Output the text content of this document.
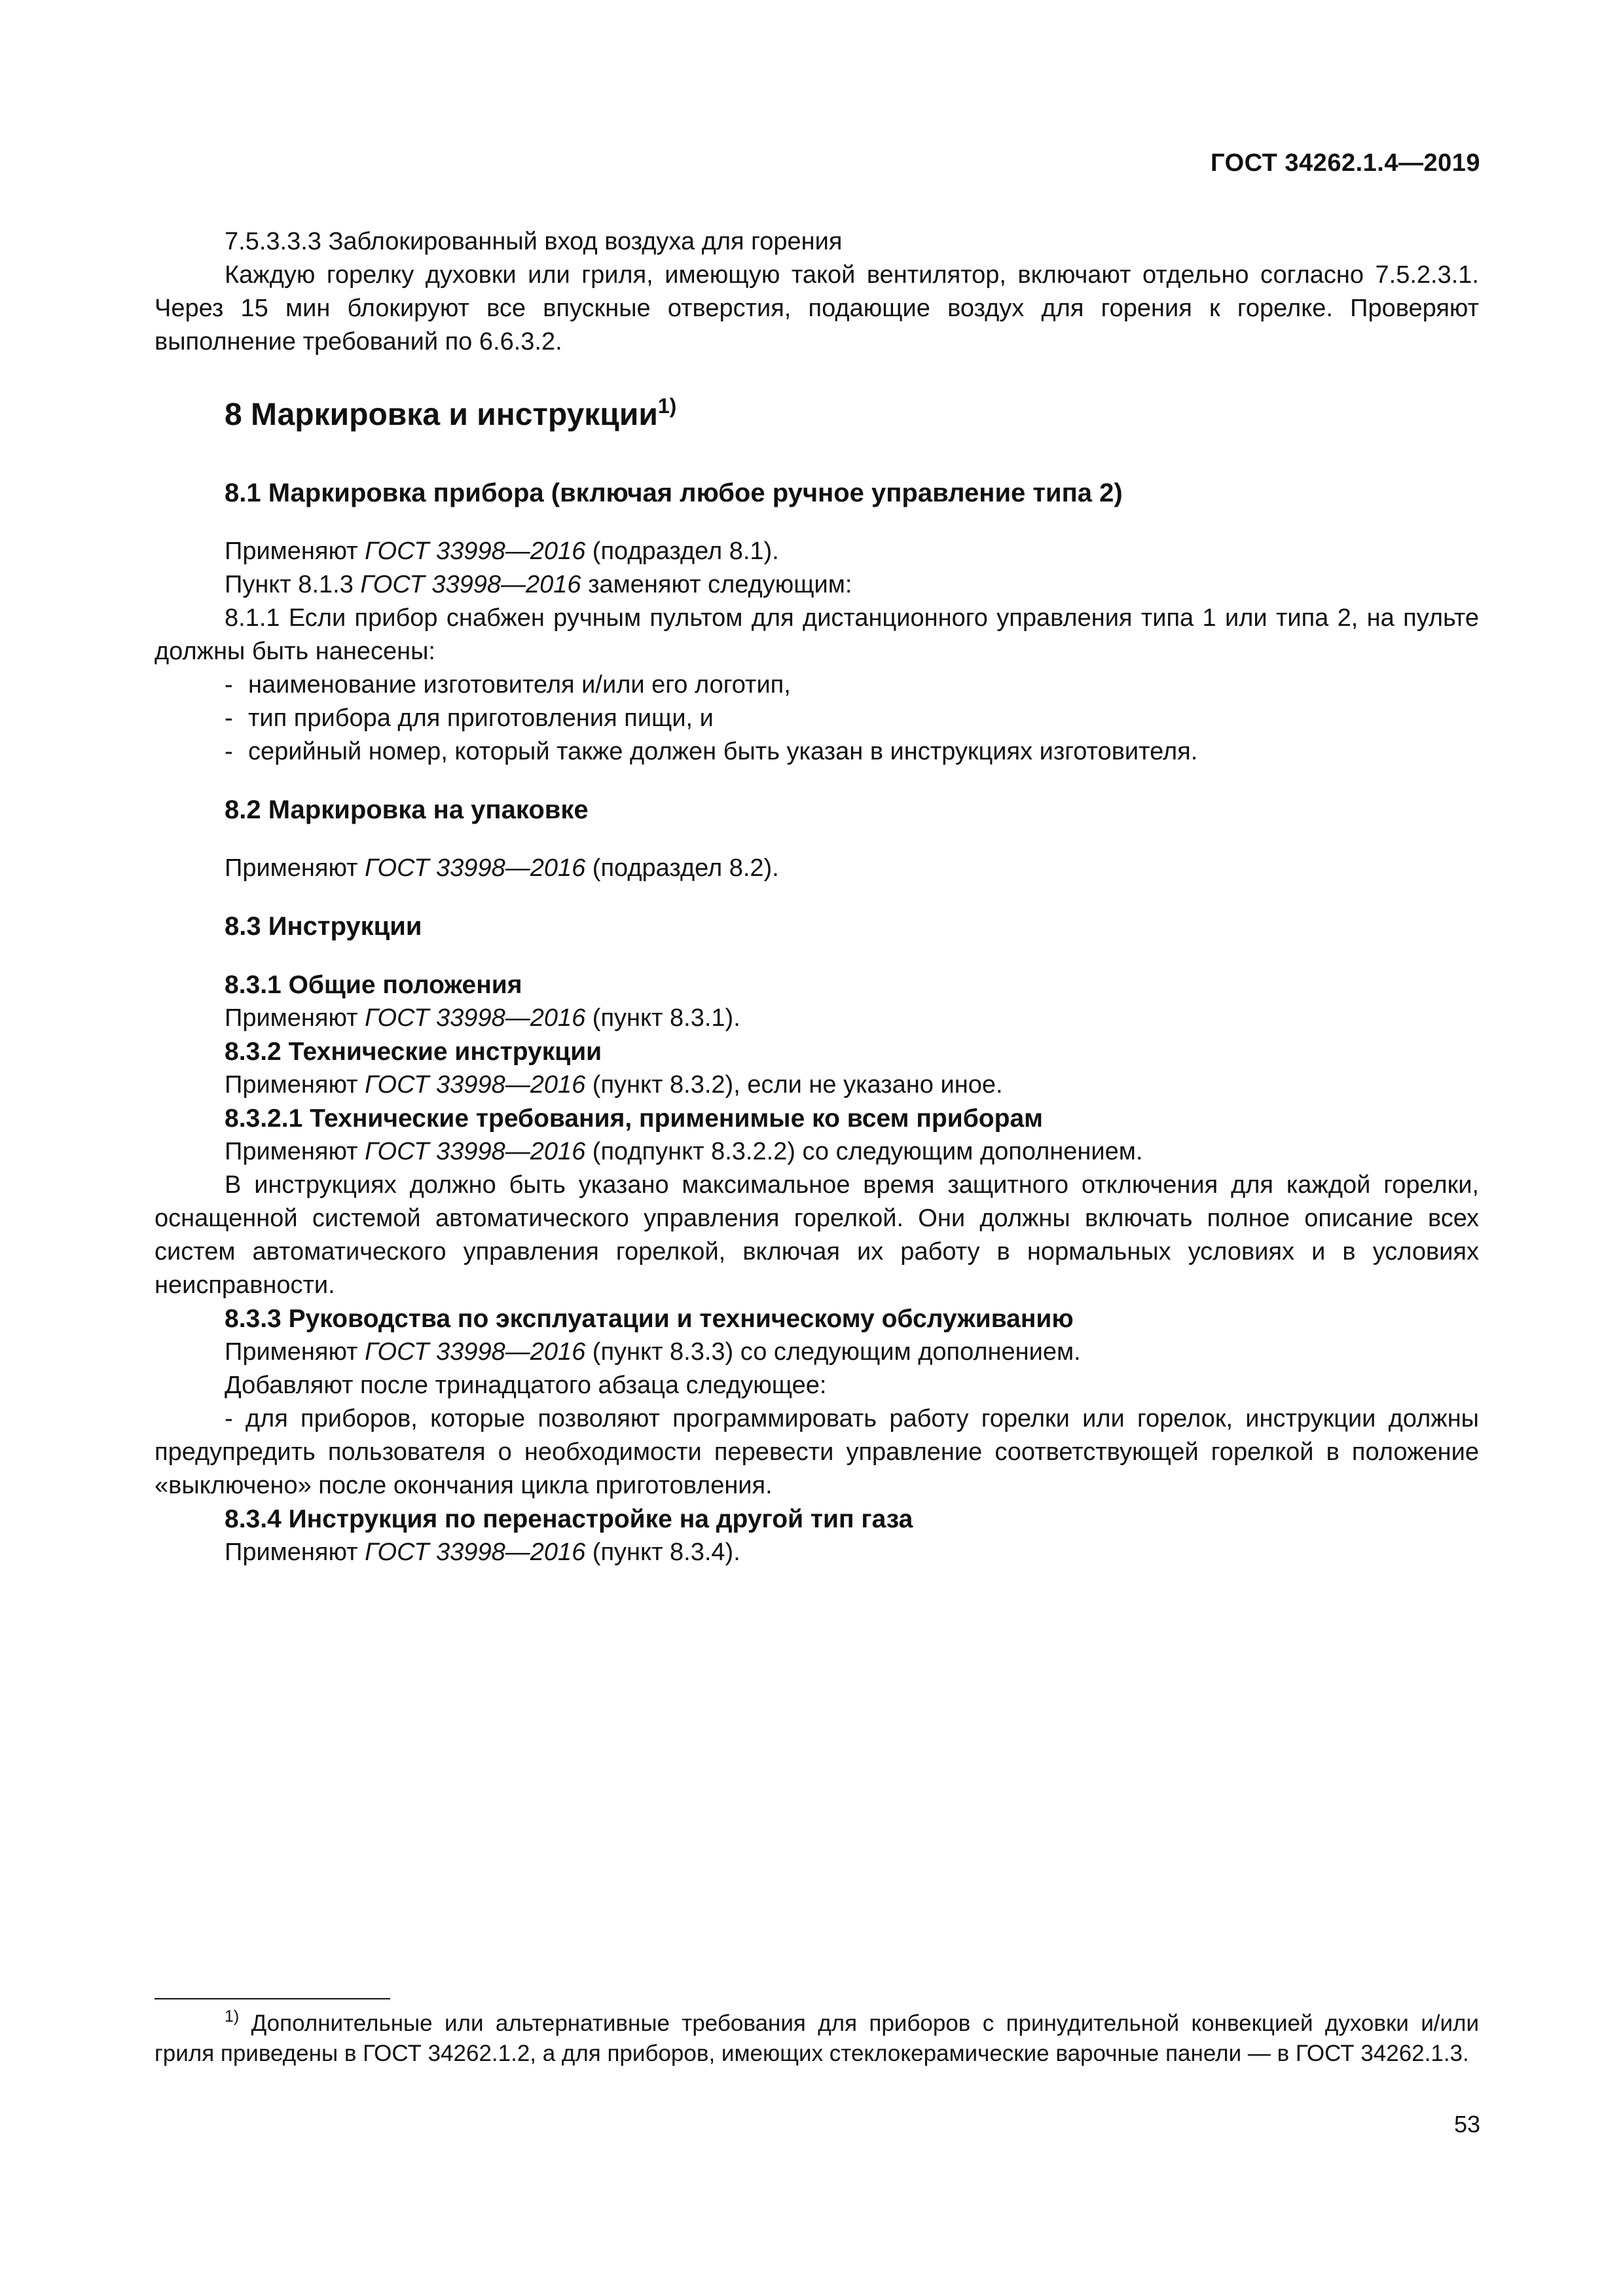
ГОСТ 34262.1.4—2019

7.5.3.3.3 Заблокированный вход воздуха для горения

Каждую горелку духовки или гриля, имеющую такой вентилятор, включают отдельно согласно 7.5.2.3.1. Через 15 мин блокируют все впускные отверстия, подающие воздух для горения к горелке. Проверяют выполнение требований по 6.6.3.2.

8 Маркировка и инструкции$^{1)}$
8.1 Маркировка прибора (включая любое ручное управление типа 2)

Применяют ГОСТ 33998—2016 (подраздел 8.1).

Пункт 8.1.3 ГОСТ 33998—2016 заменяют следующим:

8.1.1 Если прибор снабжен ручным пультом для дистанционного управления типа 1 или типа 2, на пульте должны быть нанесены:

- наименование изготовителя и/или его логотип,
- тип прибора для приготовления пищи, и
- серийный номер, который также должен быть указан в инструкциях изготовителя.
8.2 Маркировка на упаковке

Применяют ГОСТ 33998—2016 (подраздел 8.2).

8.3 Инструкции
8.3.1 Общие положения

Применяют ГОСТ 33998—2016 (пункт 8.3.1).

8.3.2 Технические инструкции

Применяют ГОСТ 33998—2016 (пункт 8.3.2), если не указано иное.

8.3.2.1 Технические требования, применимые ко всем приборам

Применяют ГОСТ 33998—2016 (подпункт 8.3.2.2) со следующим дополнением.

В инструкциях должно быть указано максимальное время защитного отключения для каждой горелки, оснащенной системой автоматического управления горелкой. Они должны включать полное описание всех систем автоматического управления горелкой, включая их работу в нормальных условиях и в условиях неисправности.

8.3.3 Руководства по эксплуатации и техническому обслуживанию

Применяют ГОСТ 33998—2016 (пункт 8.3.3) со следующим дополнением.

Добавляют после тринадцатого абзаца следующее:

- для приборов, которые позволяют программировать работу горелки или горелок, инструкции должны предупредить пользователя о необходимости перевести управление соответствующей горелкой в положение «выключено» после окончания цикла приготовления.

8.3.4 Инструкция по перенастройке на другой тип газа

Применяют ГОСТ 33998—2016 (пункт 8.3.4).

$^{1)}$ Дополнительные или альтернативные требования для приборов с принудительной конвекцией духовки и/или гриля приведены в ГОСТ 34262.1.2, а для приборов, имеющих стеклокерамические варочные панели — в ГОСТ 34262.1.3.
53
